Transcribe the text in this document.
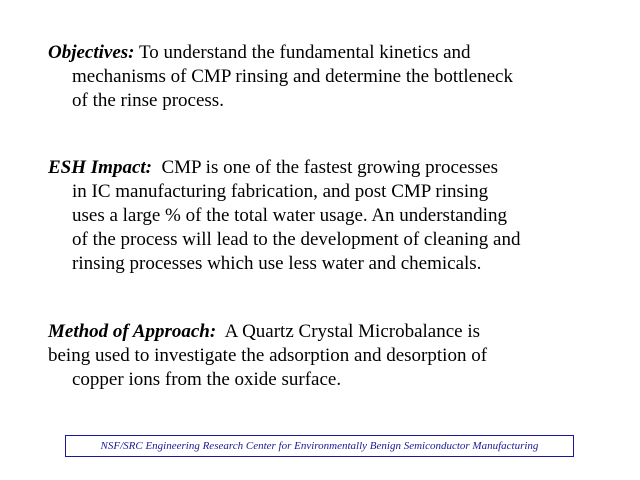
Objectives: To understand the fundamental kinetics and
mechanisms of CMP rinsing and determine the bottleneck
of the rinse process.
ESH Impact: CMP is one of the fastest growing processes
in IC manufacturing fabrication, and post CMP rinsing
uses a large % of the total water usage. An understanding
of the process will lead to the development of cleaning and
rinsing processes which use less water and chemicals.
Method of Approach: A Quartz Crystal Microbalance is
being used to investigate the adsorption and desorption of
copper ions from the oxide surface.
NSF/SRC Engineering Research Center for Environmentally Benign Semiconductor Manufacturing
